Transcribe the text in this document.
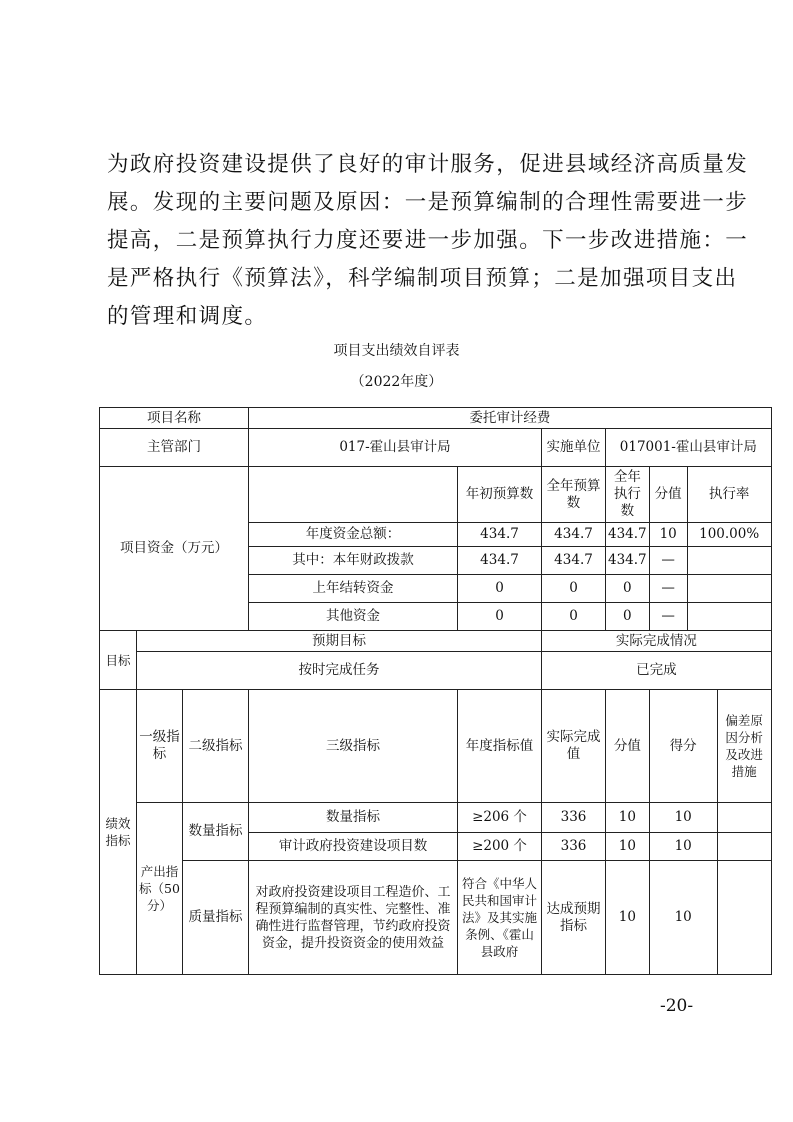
为政府投资建设提供了良好的审计服务，促进县域经济高质量发
展。发现的主要问题及原因：一是预算编制的合理性需要进一步
提高，二是预算执行力度还要进一步加强。下一步改进措施：一
是严格执行《预算法》，科学编制项目预算；二是加强项目支出
的管理和调度。
项目支出绩效自评表
（2022年度）
项目名称			委托审计经费						
主管部门			017-霍山县审计局		实施单位	017001-霍山县审计局			
项目资金（万元）				年初预算数	全年预算数	全年执行数	分值	执行率	
			年度资金总额：	434.7	434.7	434.7	10	100.00%	
			其中：本年财政拨款	434.7	434.7	434.7	—		
			上年结转资金	0	0	0	—		
			其他资金	0	0	0	—		
目标	预期目标				实际完成情况				
	按时完成任务				已完成				
绩效指标	一级指标	二级指标	三级指标	年度指标值	实际完成值	分值	得分		偏差原因分析及改进措施
	产出指标（50分）	数量指标	数量指标	≥206 个	336	10	10		
			审计政府投资建设项目数	≥200 个	336	10	10		
		质量指标	对政府投资建设项目工程造价、工程预算编制的真实性、完整性、准确性进行监督管理，节约政府投资资金，提升投资资金的使用效益	符合《中华人民共和国审计法》及其实施条例、《霍山县政府	达成预期指标	10	10		
-20-
